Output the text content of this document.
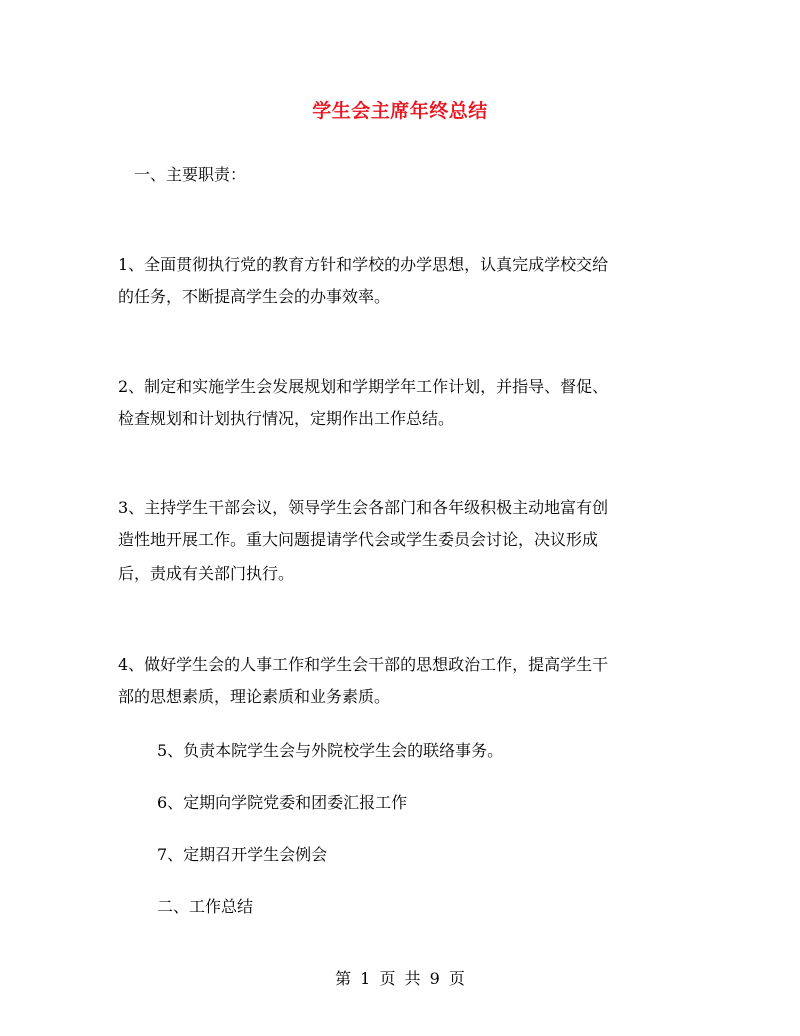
学生会主席年终总结
一、主要职责：
1、全面贯彻执行党的教育方针和学校的办学思想，认真完成学校交给
的任务，不断提高学生会的办事效率。
2、制定和实施学生会发展规划和学期学年工作计划，并指导、督促、
检查规划和计划执行情况，定期作出工作总结。
3、主持学生干部会议，领导学生会各部门和各年级积极主动地富有创
造性地开展工作。重大问题提请学代会或学生委员会讨论，决议形成
后，责成有关部门执行。
4、做好学生会的人事工作和学生会干部的思想政治工作，提高学生干
部的思想素质，理论素质和业务素质。
5、负责本院学生会与外院校学生会的联络事务。
6、定期向学院党委和团委汇报工作
7、定期召开学生会例会
二、工作总结
第 1 页 共 9 页
